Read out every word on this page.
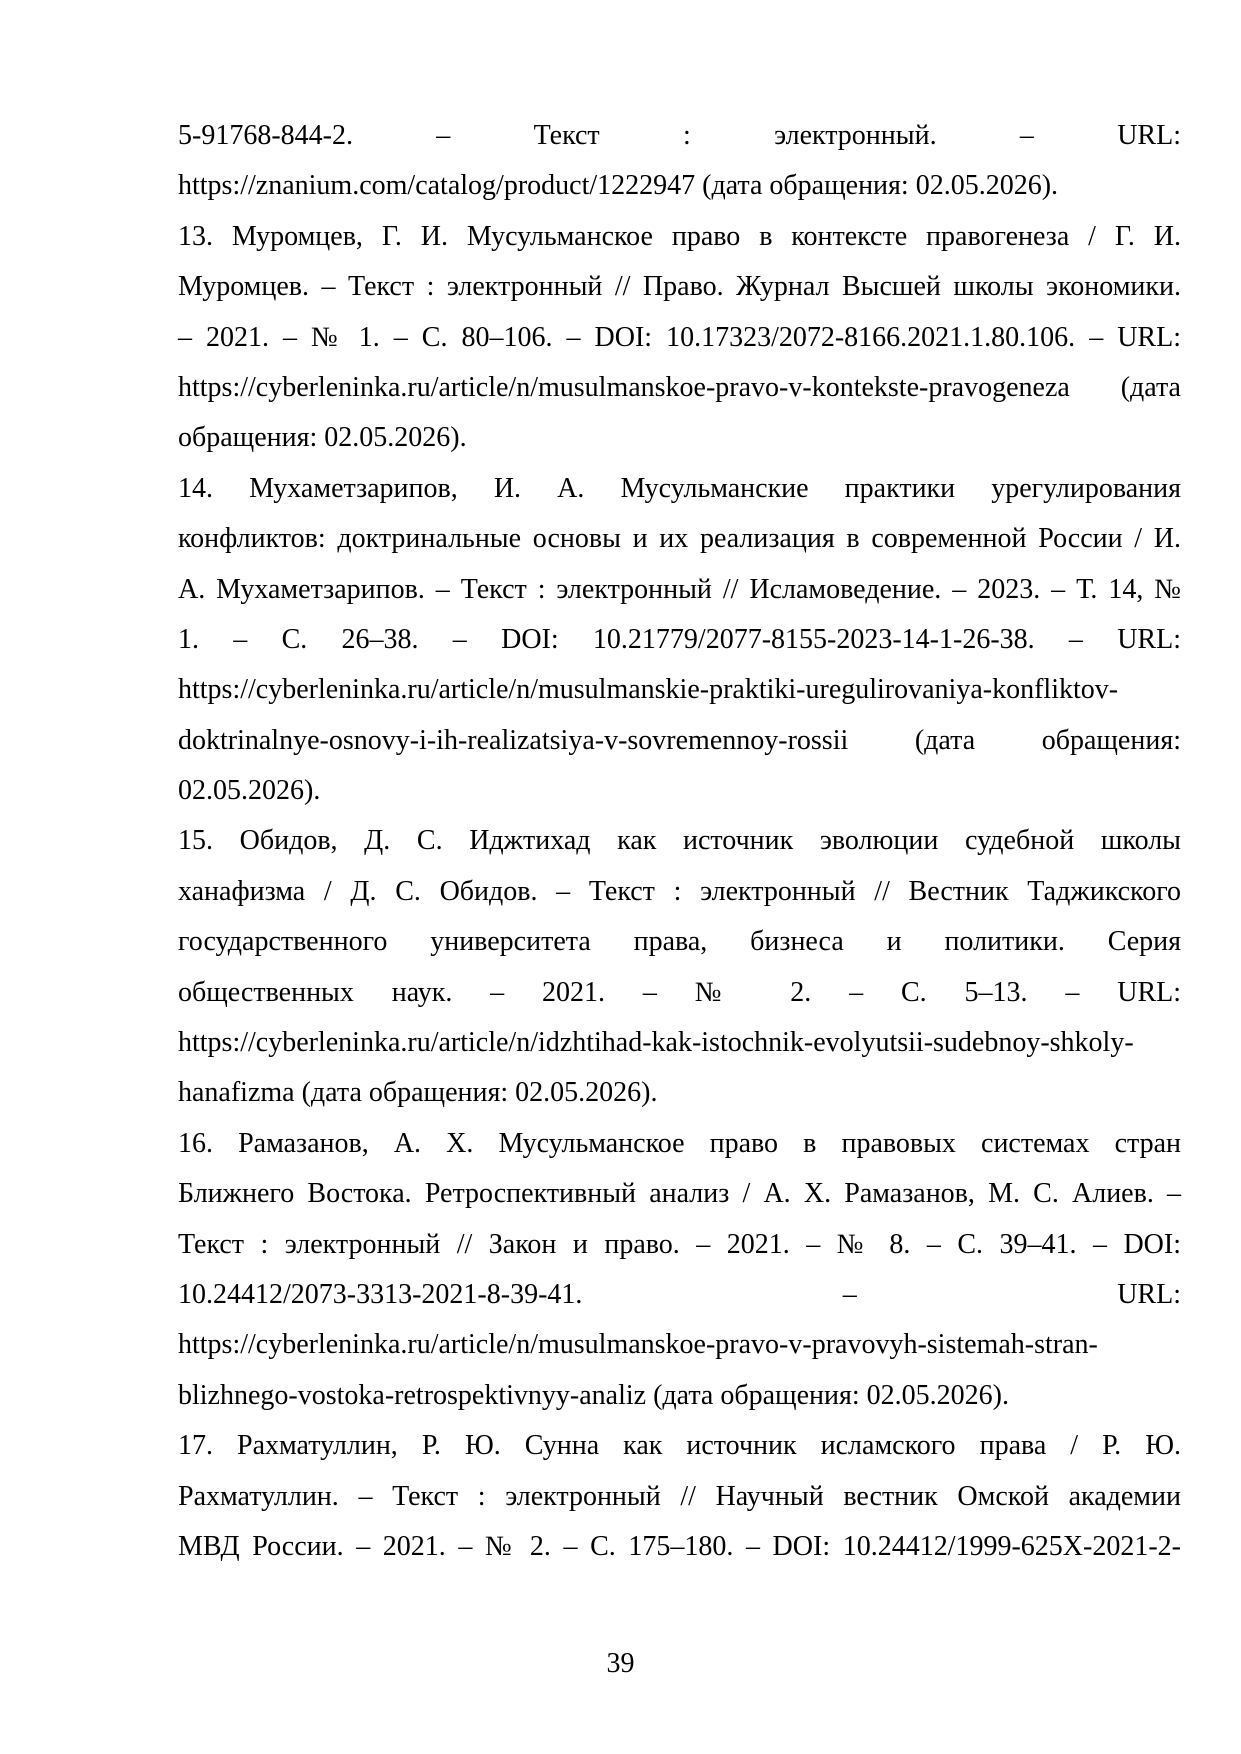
5-91768-844-2. – Текст : электронный. – URL:
https://znanium.com/catalog/product/1222947 (дата обращения: 02.05.2026).
13. Муромцев, Г. И. Мусульманское право в контексте правогенеза / Г. И.
Муромцев. – Текст : электронный // Право. Журнал Высшей школы экономики.
– 2021. – № 1. – С. 80–106. – DOI: 10.17323/2072-8166.2021.1.80.106. – URL:
https://cyberleninka.ru/article/n/musulmanskoe-pravo-v-kontekste-pravogeneza (дата
обращения: 02.05.2026).
14. Мухаметзарипов, И. А. Мусульманские практики урегулирования
конфликтов: доктринальные основы и их реализация в современной России / И.
А. Мухаметзарипов. – Текст : электронный // Исламоведение. – 2023. – Т. 14, №
1. – С. 26–38. – DOI: 10.21779/2077-8155-2023-14-1-26-38. – URL:
https://cyberleninka.ru/article/n/musulmanskie-praktiki-uregulirovaniya-konfliktov-
doktrinalnye-osnovy-i-ih-realizatsiya-v-sovremennoy-rossii (дата обращения:
02.05.2026).
15. Обидов, Д. С. Иджтихад как источник эволюции судебной школы
ханафизма / Д. С. Обидов. – Текст : электронный // Вестник Таджикского
государственного университета права, бизнеса и политики. Серия
общественных наук. – 2021. – № 2. – С. 5–13. – URL:
https://cyberleninka.ru/article/n/idzhtihad-kak-istochnik-evolyutsii-sudebnoy-shkoly-
hanafizma (дата обращения: 02.05.2026).
16. Рамазанов, А. Х. Мусульманское право в правовых системах стран
Ближнего Востока. Ретроспективный анализ / А. Х. Рамазанов, М. С. Алиев. –
Текст : электронный // Закон и право. – 2021. – № 8. – С. 39–41. – DOI:
10.24412/2073-3313-2021-8-39-41. – URL:
https://cyberleninka.ru/article/n/musulmanskoe-pravo-v-pravovyh-sistemah-stran-
blizhnego-vostoka-retrospektivnyy-analiz (дата обращения: 02.05.2026).
17. Рахматуллин, Р. Ю. Сунна как источник исламского права / Р. Ю.
Рахматуллин. – Текст : электронный // Научный вестник Омской академии
МВД России. – 2021. – № 2. – С. 175–180. – DOI: 10.24412/1999-625X-2021-2-
39
